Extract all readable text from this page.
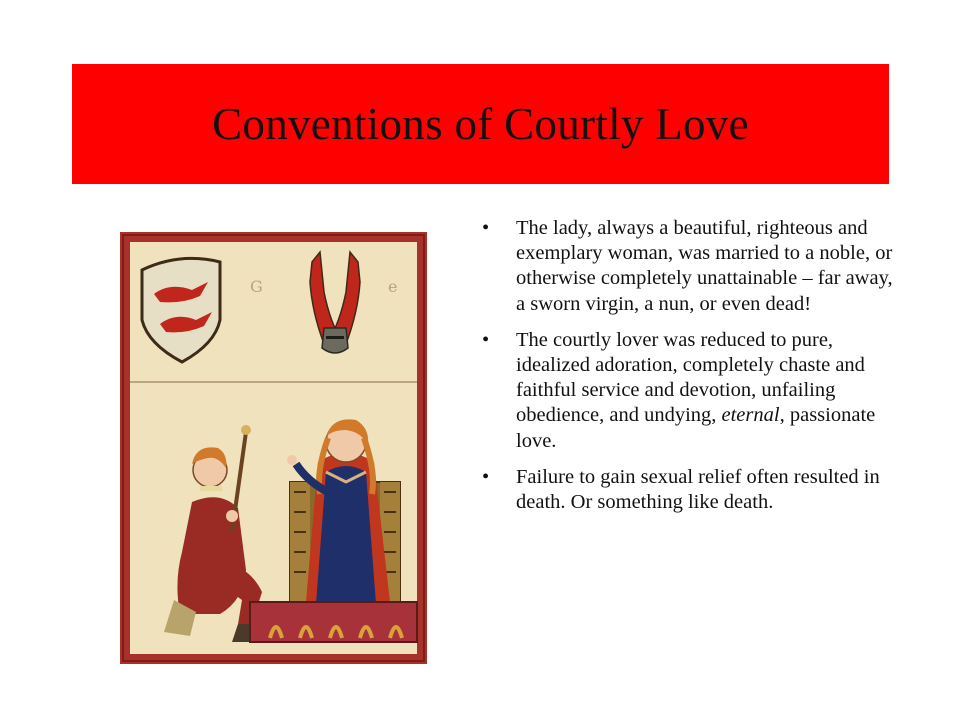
Conventions of Courtly Love
G	e
• The lady, always a beautiful, righteous and exemplary woman, was married to a noble, or otherwise completely unattainable – far away, a sworn virgin, a nun, or even dead!
• The courtly lover was reduced to pure, idealized adoration, completely chaste and faithful service and devotion, unfailing obedience, and undying, eternal, passionate love.
• Failure to gain sexual relief often resulted in death. Or something like death.
